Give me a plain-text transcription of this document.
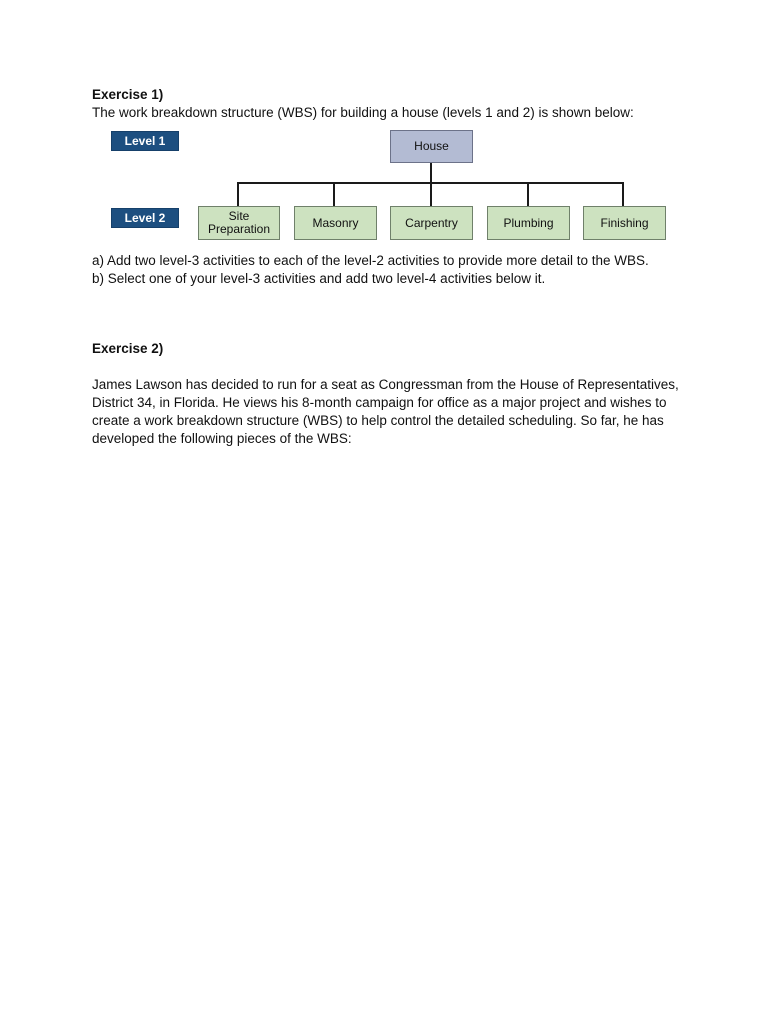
Exercise 1)

The work breakdown structure (WBS) for building a house (levels 1 and 2) is shown below:

Level 1
Level 2
House
Site
Preparation	Masonry	Carpentry	Plumbing	Finishing

a) Add two level-3 activities to each of the level-2 activities to provide more detail to the WBS.

b) Select one of your level-3 activities and add two level-4 activities below it.

Exercise 2)

James Lawson has decided to run for a seat as Congressman from the House of Representatives, District 34, in Florida. He views his 8-month campaign for office as a major project and wishes to create a work breakdown structure (WBS) to help control the detailed scheduling. So far, he has developed the following pieces of the WBS:
